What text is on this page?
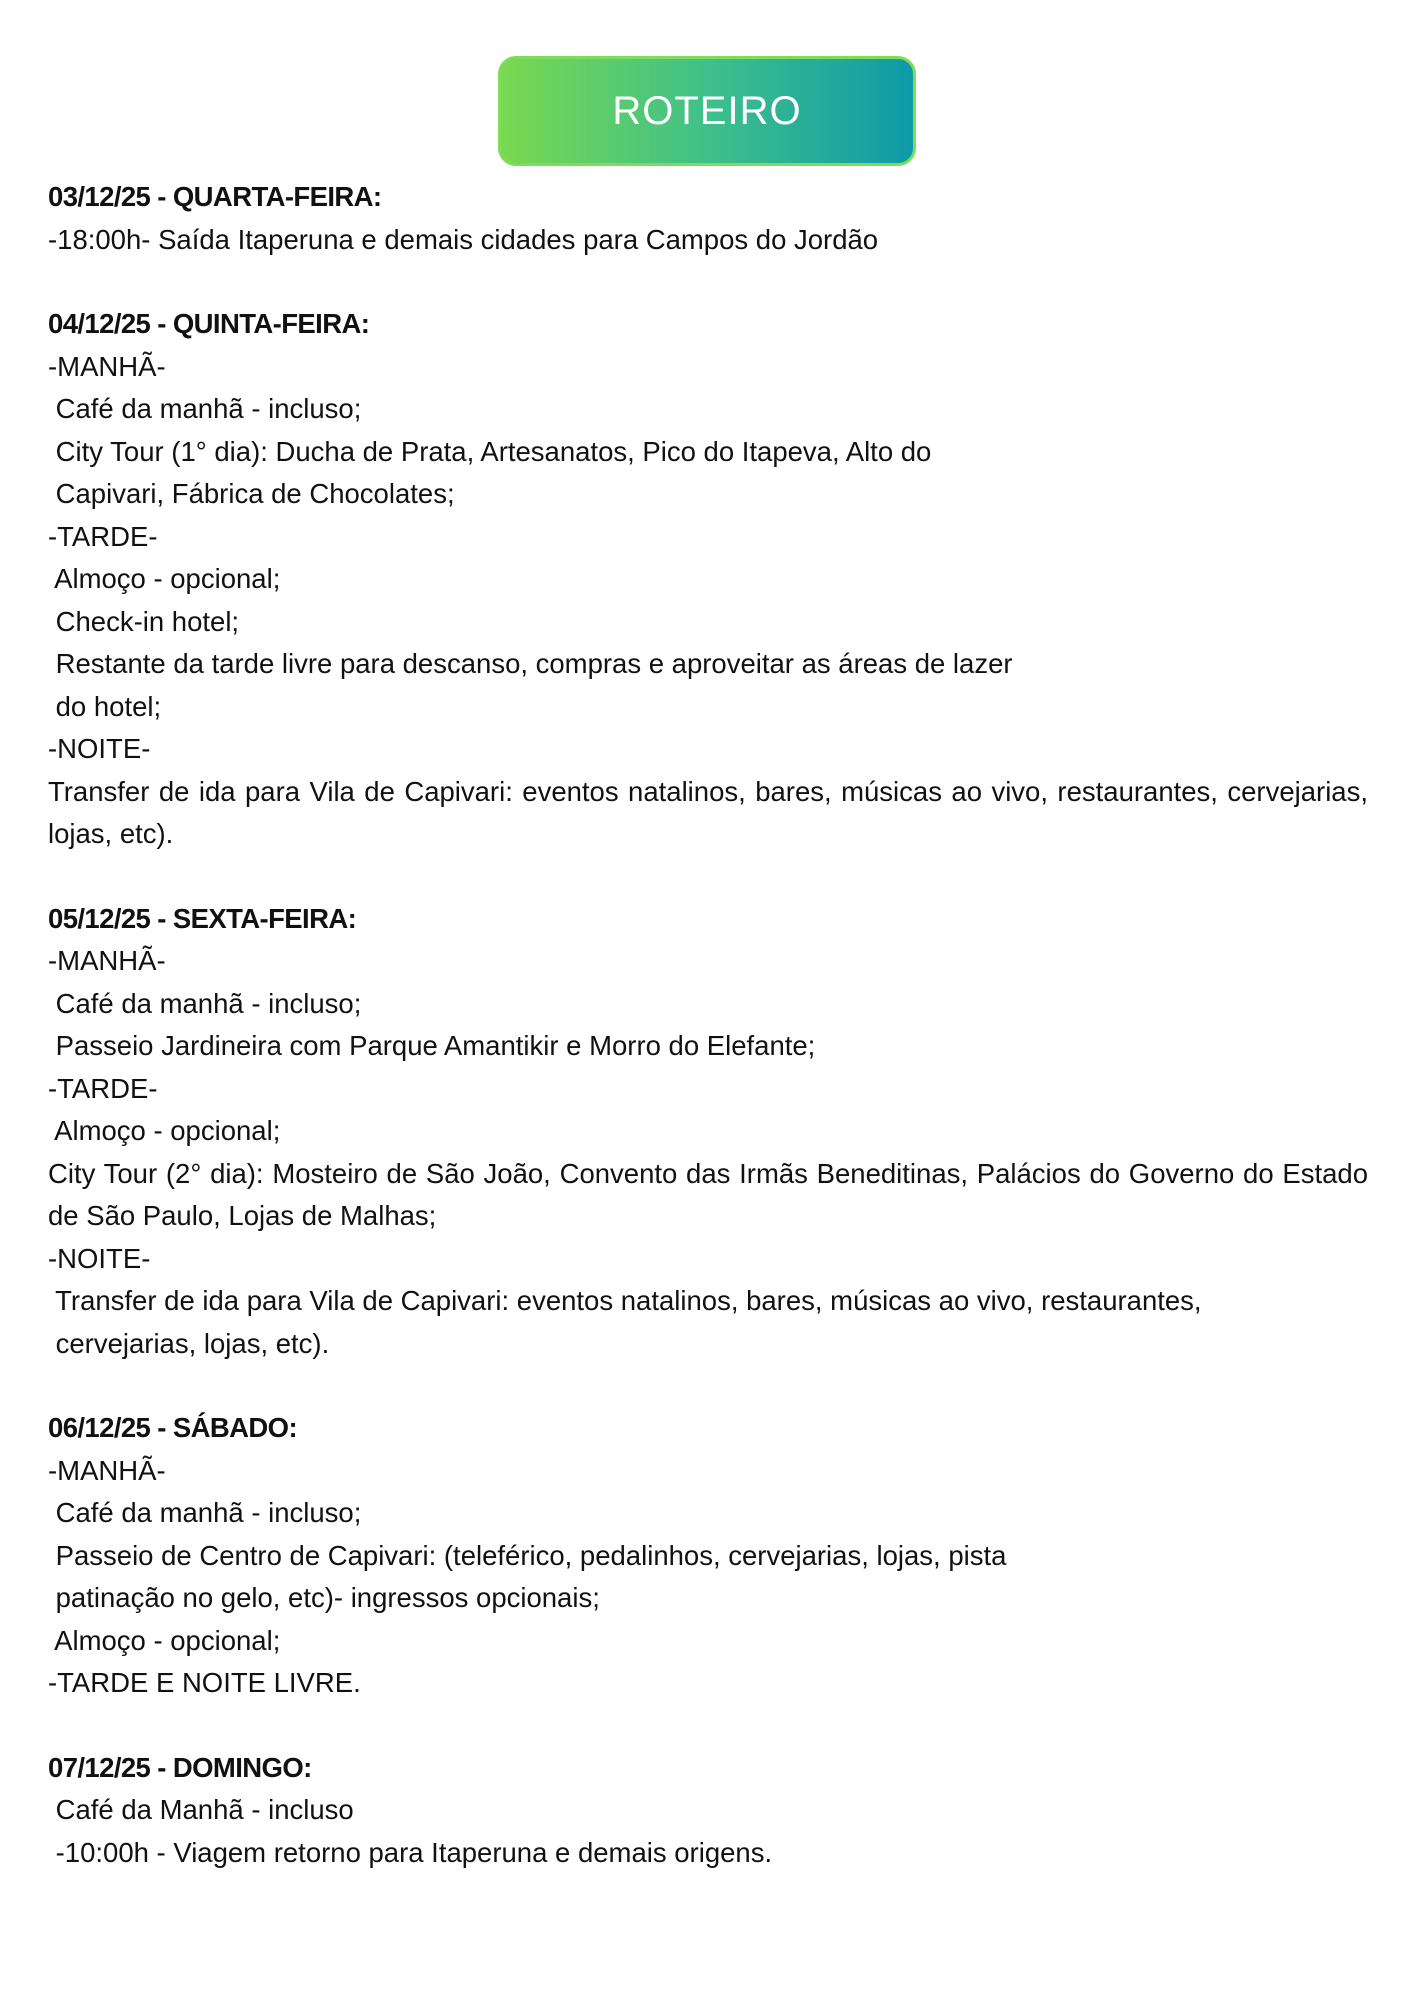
ROTEIRO
03/12/25 - QUARTA-FEIRA:
-18:00h- Saída Itaperuna e demais cidades para Campos do Jordão
04/12/25 - QUINTA-FEIRA:
-MANHÃ-
Café da manhã - incluso;
City Tour (1° dia): Ducha de Prata, Artesanatos, Pico do Itapeva, Alto do
Capivari, Fábrica de Chocolates;
-TARDE-
Almoço - opcional;
Check-in hotel;
Restante da tarde livre para descanso, compras e aproveitar as áreas de lazer
do hotel;
-NOITE-
Transfer de ida para Vila de Capivari: eventos natalinos, bares, músicas ao vivo, restaurantes, cervejarias, lojas, etc).
05/12/25 - SEXTA-FEIRA:
-MANHÃ-
Café da manhã - incluso;
Passeio Jardineira com Parque Amantikir e Morro do Elefante;
-TARDE-
Almoço - opcional;
City Tour (2° dia): Mosteiro de São João, Convento das Irmãs Beneditinas, Palácios do Governo do Estado de São Paulo, Lojas de Malhas;
-NOITE-
Transfer de ida para Vila de Capivari: eventos natalinos, bares, músicas ao vivo, restaurantes,
cervejarias, lojas, etc).
06/12/25 - SÁBADO:
-MANHÃ-
Café da manhã - incluso;
Passeio de Centro de Capivari: (teleférico, pedalinhos, cervejarias, lojas, pista
patinação no gelo, etc)- ingressos opcionais;
Almoço - opcional;
-TARDE E NOITE LIVRE.
07/12/25 - DOMINGO:
Café da Manhã - incluso
-10:00h - Viagem retorno para Itaperuna e demais origens.
